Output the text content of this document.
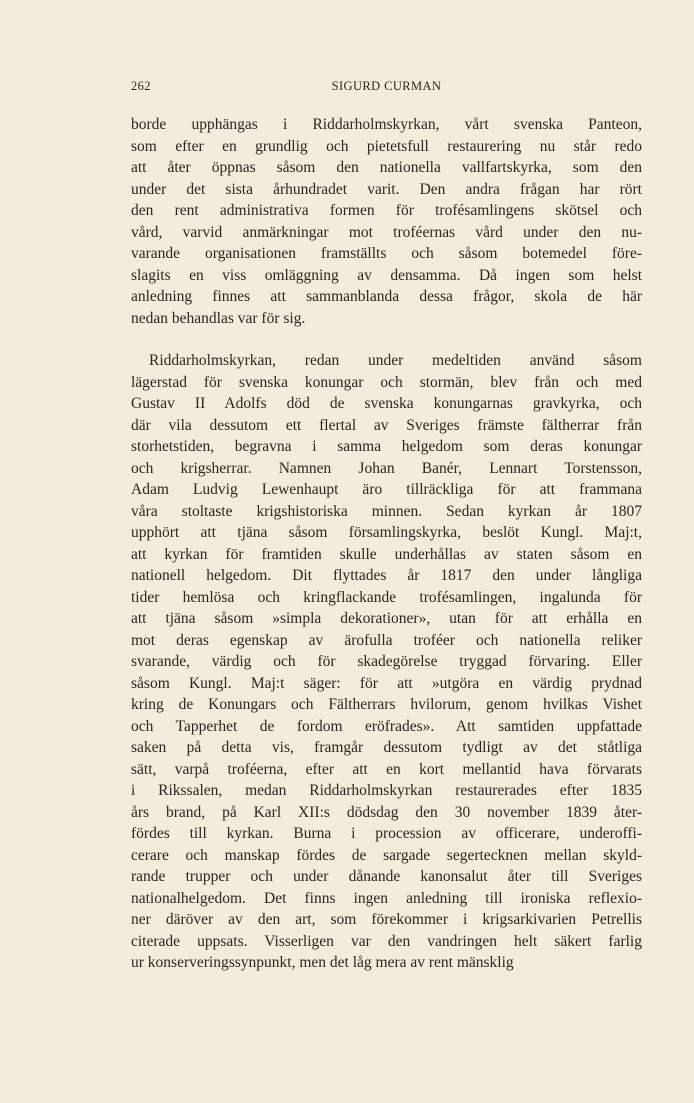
262	SIGURD CURMAN
borde upphängas i Riddarholmskyrkan, vårt svenska Panteon,
som efter en grundlig och pietetsfull restaurering nu står redo
att åter öppnas såsom den nationella vallfartskyrka, som den
under det sista århundradet varit. Den andra frågan har rört
den rent administrativa formen för trofésamlingens skötsel och
vård, varvid anmärkningar mot troféernas vård under den nu-
varande organisationen framställts och såsom botemedel före-
slagits en viss omläggning av densamma. Då ingen som helst
anledning finnes att sammanblanda dessa frågor, skola de här
nedan behandlas var för sig.
Riddarholmskyrkan, redan under medeltiden använd såsom
lägerstad för svenska konungar och stormän, blev från och med
Gustav II Adolfs död de svenska konungarnas gravkyrka, och
där vila dessutom ett flertal av Sveriges främste fältherrar från
storhetstiden, begravna i samma helgedom som deras konungar
och krigsherrar. Namnen Johan Banér, Lennart Torstensson,
Adam Ludvig Lewenhaupt äro tillräckliga för att frammana
våra stoltaste krigshistoriska minnen. Sedan kyrkan år 1807
upphört att tjäna såsom församlingskyrka, beslöt Kungl. Maj:t,
att kyrkan för framtiden skulle underhållas av staten såsom en
nationell helgedom. Dit flyttades år 1817 den under långliga
tider hemlösa och kringflackande trofésamlingen, ingalunda för
att tjäna såsom »simpla dekorationer», utan för att erhålla en
mot deras egenskap av ärofulla troféer och nationella reliker
svarande, värdig och för skadegörelse tryggad förvaring. Eller
såsom Kungl. Maj:t säger: för att »utgöra en värdig prydnad
kring de Konungars och Fältherrars hvilorum, genom hvilkas Vishet
och Tapperhet de fordom eröfrades». Att samtiden uppfattade
saken på detta vis, framgår dessutom tydligt av det ståtliga
sätt, varpå troféerna, efter att en kort mellantid hava förvarats
i Rikssalen, medan Riddarholmskyrkan restaurerades efter 1835
års brand, på Karl XII:s dödsdag den 30 november 1839 åter-
fördes till kyrkan. Burna i procession av officerare, underoffi-
cerare och manskap fördes de sargade segertecknen mellan skyld-
rande trupper och under dånande kanonsalut åter till Sveriges
nationalhelgedom. Det finns ingen anledning till ironiska reflexio-
ner däröver av den art, som förekommer i krigsarkivarien Petrellis
citerade uppsats. Visserligen var den vandringen helt säkert farlig
ur konserveringssynpunkt, men det låg mera av rent mänsklig
